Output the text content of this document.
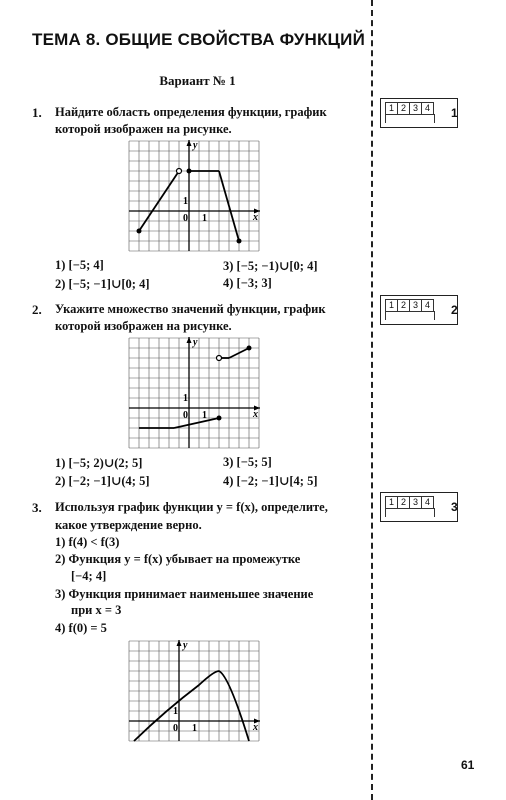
ТЕМА 8. ОБЩИЕ СВОЙСТВА ФУНКЦИЙ
Вариант № 1
1. Найдите область определения функции, график
которой изображен на рисунке.
y
x
0 1
1
1) [−5; 4]	3) [−5; −1)∪[0; 4]
2) [−5; −1]∪[0; 4]	4) [−3; 3]
1 2 3 4	1
2. Укажите множество значений функции, график
которой изображен на рисунке.
y
x
0 1
1
1) [−5; 2)∪(2; 5]	3) [−5; 5]
2) [−2; −1]∪(4; 5]	4) [−2; −1]∪[4; 5]
1 2 3 4	2
3. Используя график функции y = f(x), определите,
какое утверждение верно.
1) f(4) < f(3)
2) Функция y = f(x) убывает на промежутке
[−4; 4]
3) Функция принимает наименьшее значение
при x = 3
4) f(0) = 5
y
x
0 1
1
1 2 3 4	3
61
